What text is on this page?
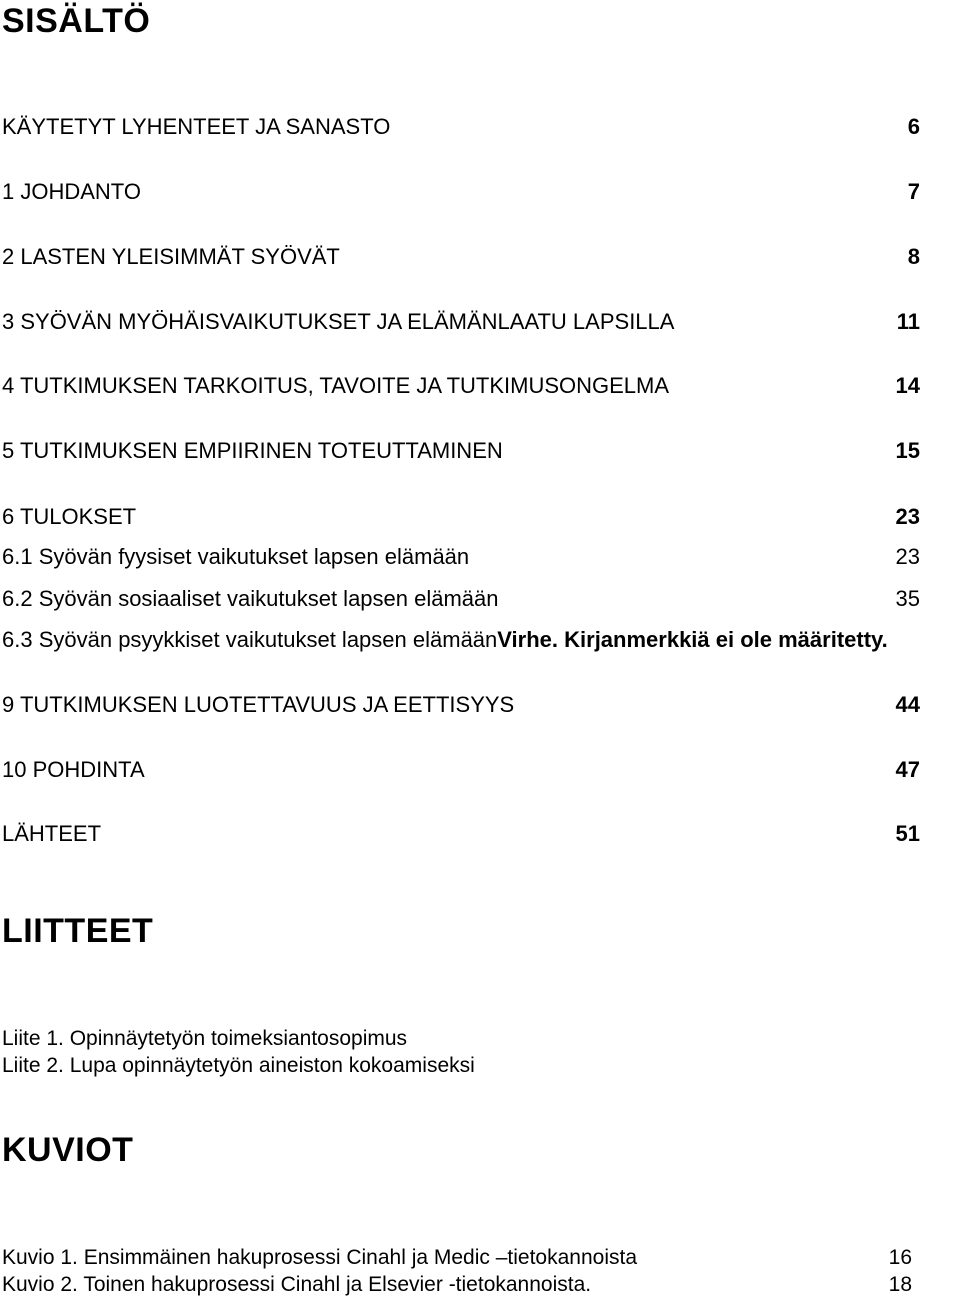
SISÄLTÖ
KÄYTETYT LYHENTEET JA SANASTO	6
1 JOHDANTO	7
2 LASTEN YLEISIMMÄT SYÖVÄT	8
3 SYÖVÄN MYÖHÄISVAIKUTUKSET JA ELÄMÄNLAATU LAPSILLA	11
4 TUTKIMUKSEN TARKOITUS, TAVOITE JA TUTKIMUSONGELMA	14
5 TUTKIMUKSEN EMPIIRINEN TOTEUTTAMINEN	15
6 TULOKSET	23
6.1 Syövän fyysiset vaikutukset lapsen elämään	23
6.2 Syövän sosiaaliset vaikutukset lapsen elämään	35
6.3 Syövän psyykkiset vaikutukset lapsen elämäänVirhe. Kirjanmerkkiä ei ole määritetty.
9 TUTKIMUKSEN LUOTETTAVUUS JA EETTISYYS	44
10 POHDINTA	47
LÄHTEET	51
LIITTEET
Liite 1. Opinnäytetyön toimeksiantosopimus
Liite 2. Lupa opinnäytetyön aineiston kokoamiseksi
KUVIOT
Kuvio 1. Ensimmäinen hakuprosessi Cinahl ja Medic –tietokannoista	16
Kuvio 2. Toinen hakuprosessi Cinahl ja Elsevier -tietokannoista.	18
